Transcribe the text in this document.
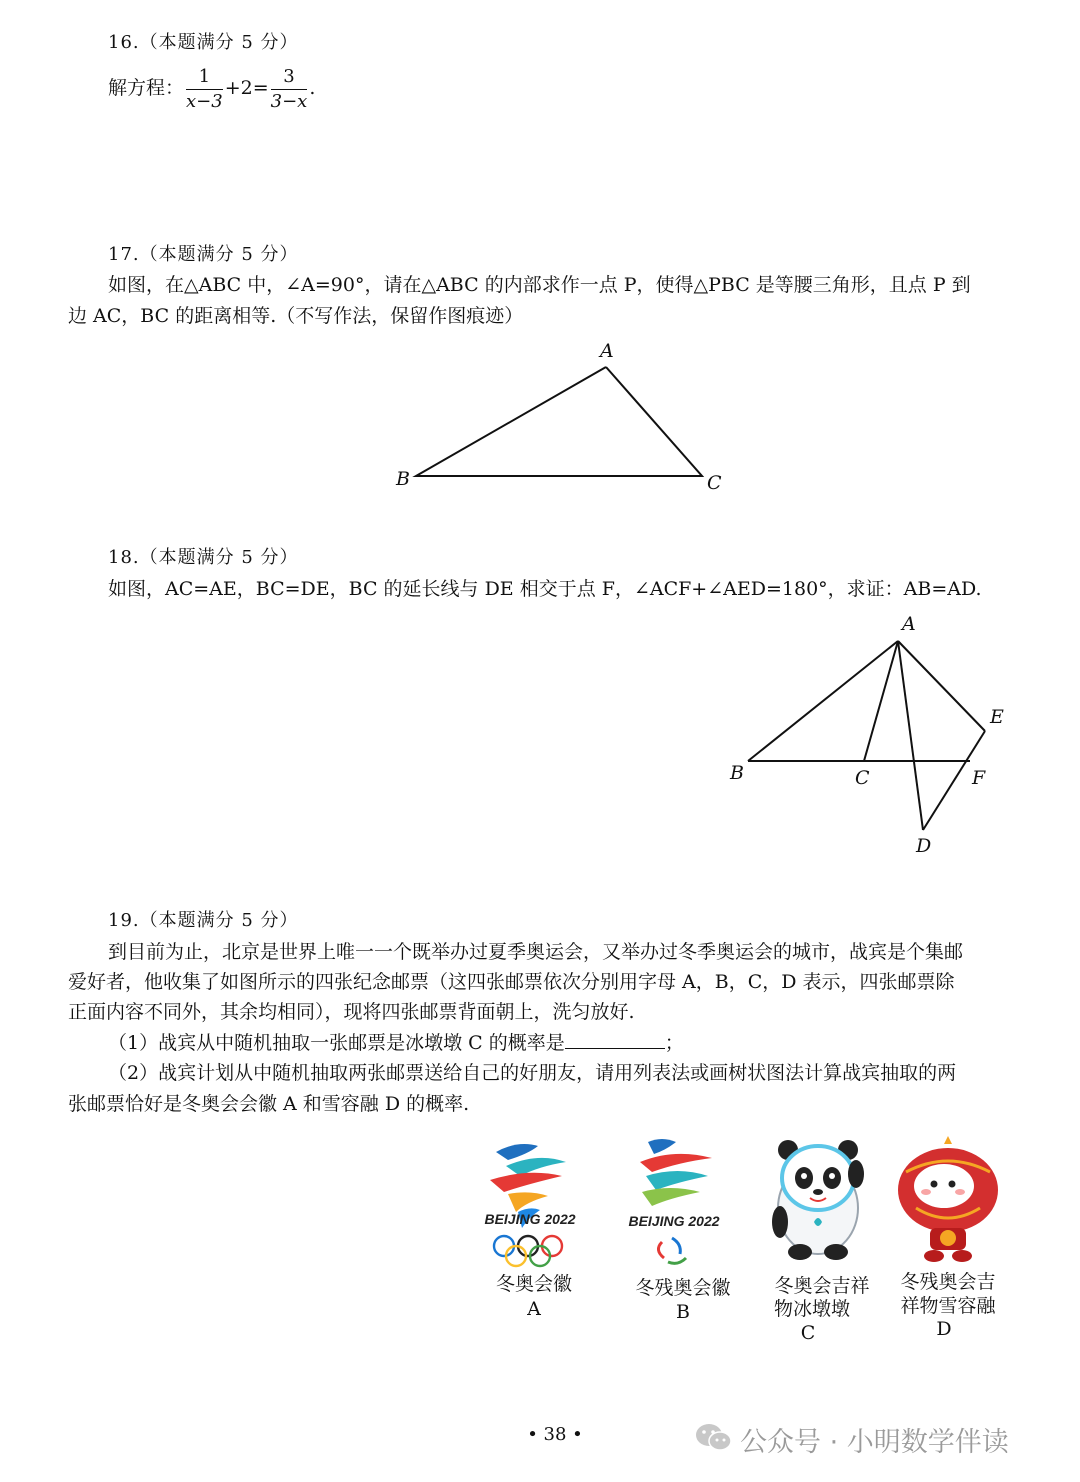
16.（本题满分 5 分）
解方程： $\frac{1}{x-3} +2= \frac{3}{3-x}$ .
17.（本题满分 5 分）
如图，在△ABC 中，∠A=90°，请在△ABC 的内部求作一点 P，使得△PBC 是等腰三角形，且点 P 到
边 AC，BC 的距离相等.（不写作法，保留作图痕迹）
A
B	C
18.（本题满分 5 分）
如图，AC=AE，BC=DE，BC 的延长线与 DE 相交于点 F，∠ACF+∠AED=180°，求证：AB=AD.
A
B	C
D
E
F
19.（本题满分 5 分）
到目前为止，北京是世界上唯一一个既举办过夏季奥运会，又举办过冬季奥运会的城市，战宾是个集邮
爱好者，他收集了如图所示的四张纪念邮票（这四张邮票依次分别用字母 A，B，C，D 表示，四张邮票除
正面内容不同外，其余均相同），现将四张邮票背面朝上，洗匀放好.
（1）战宾从中随机抽取一张邮票是冰墩墩 C 的概率是	；
（2）战宾计划从中随机抽取两张邮票送给自己的好朋友，请用列表法或画树状图法计算战宾抽取的两
张邮票恰好是冬奥会会徽 A 和雪容融 D 的概率.
BEIJING 2022
冬奥会徽
A
BEIJING 2022
冬残奥会徽
B
冬奥会吉祥
物冰墩墩
C
冬残奥会吉
祥物雪容融
D
• 38 •	公众号 · 小明数学伴读
